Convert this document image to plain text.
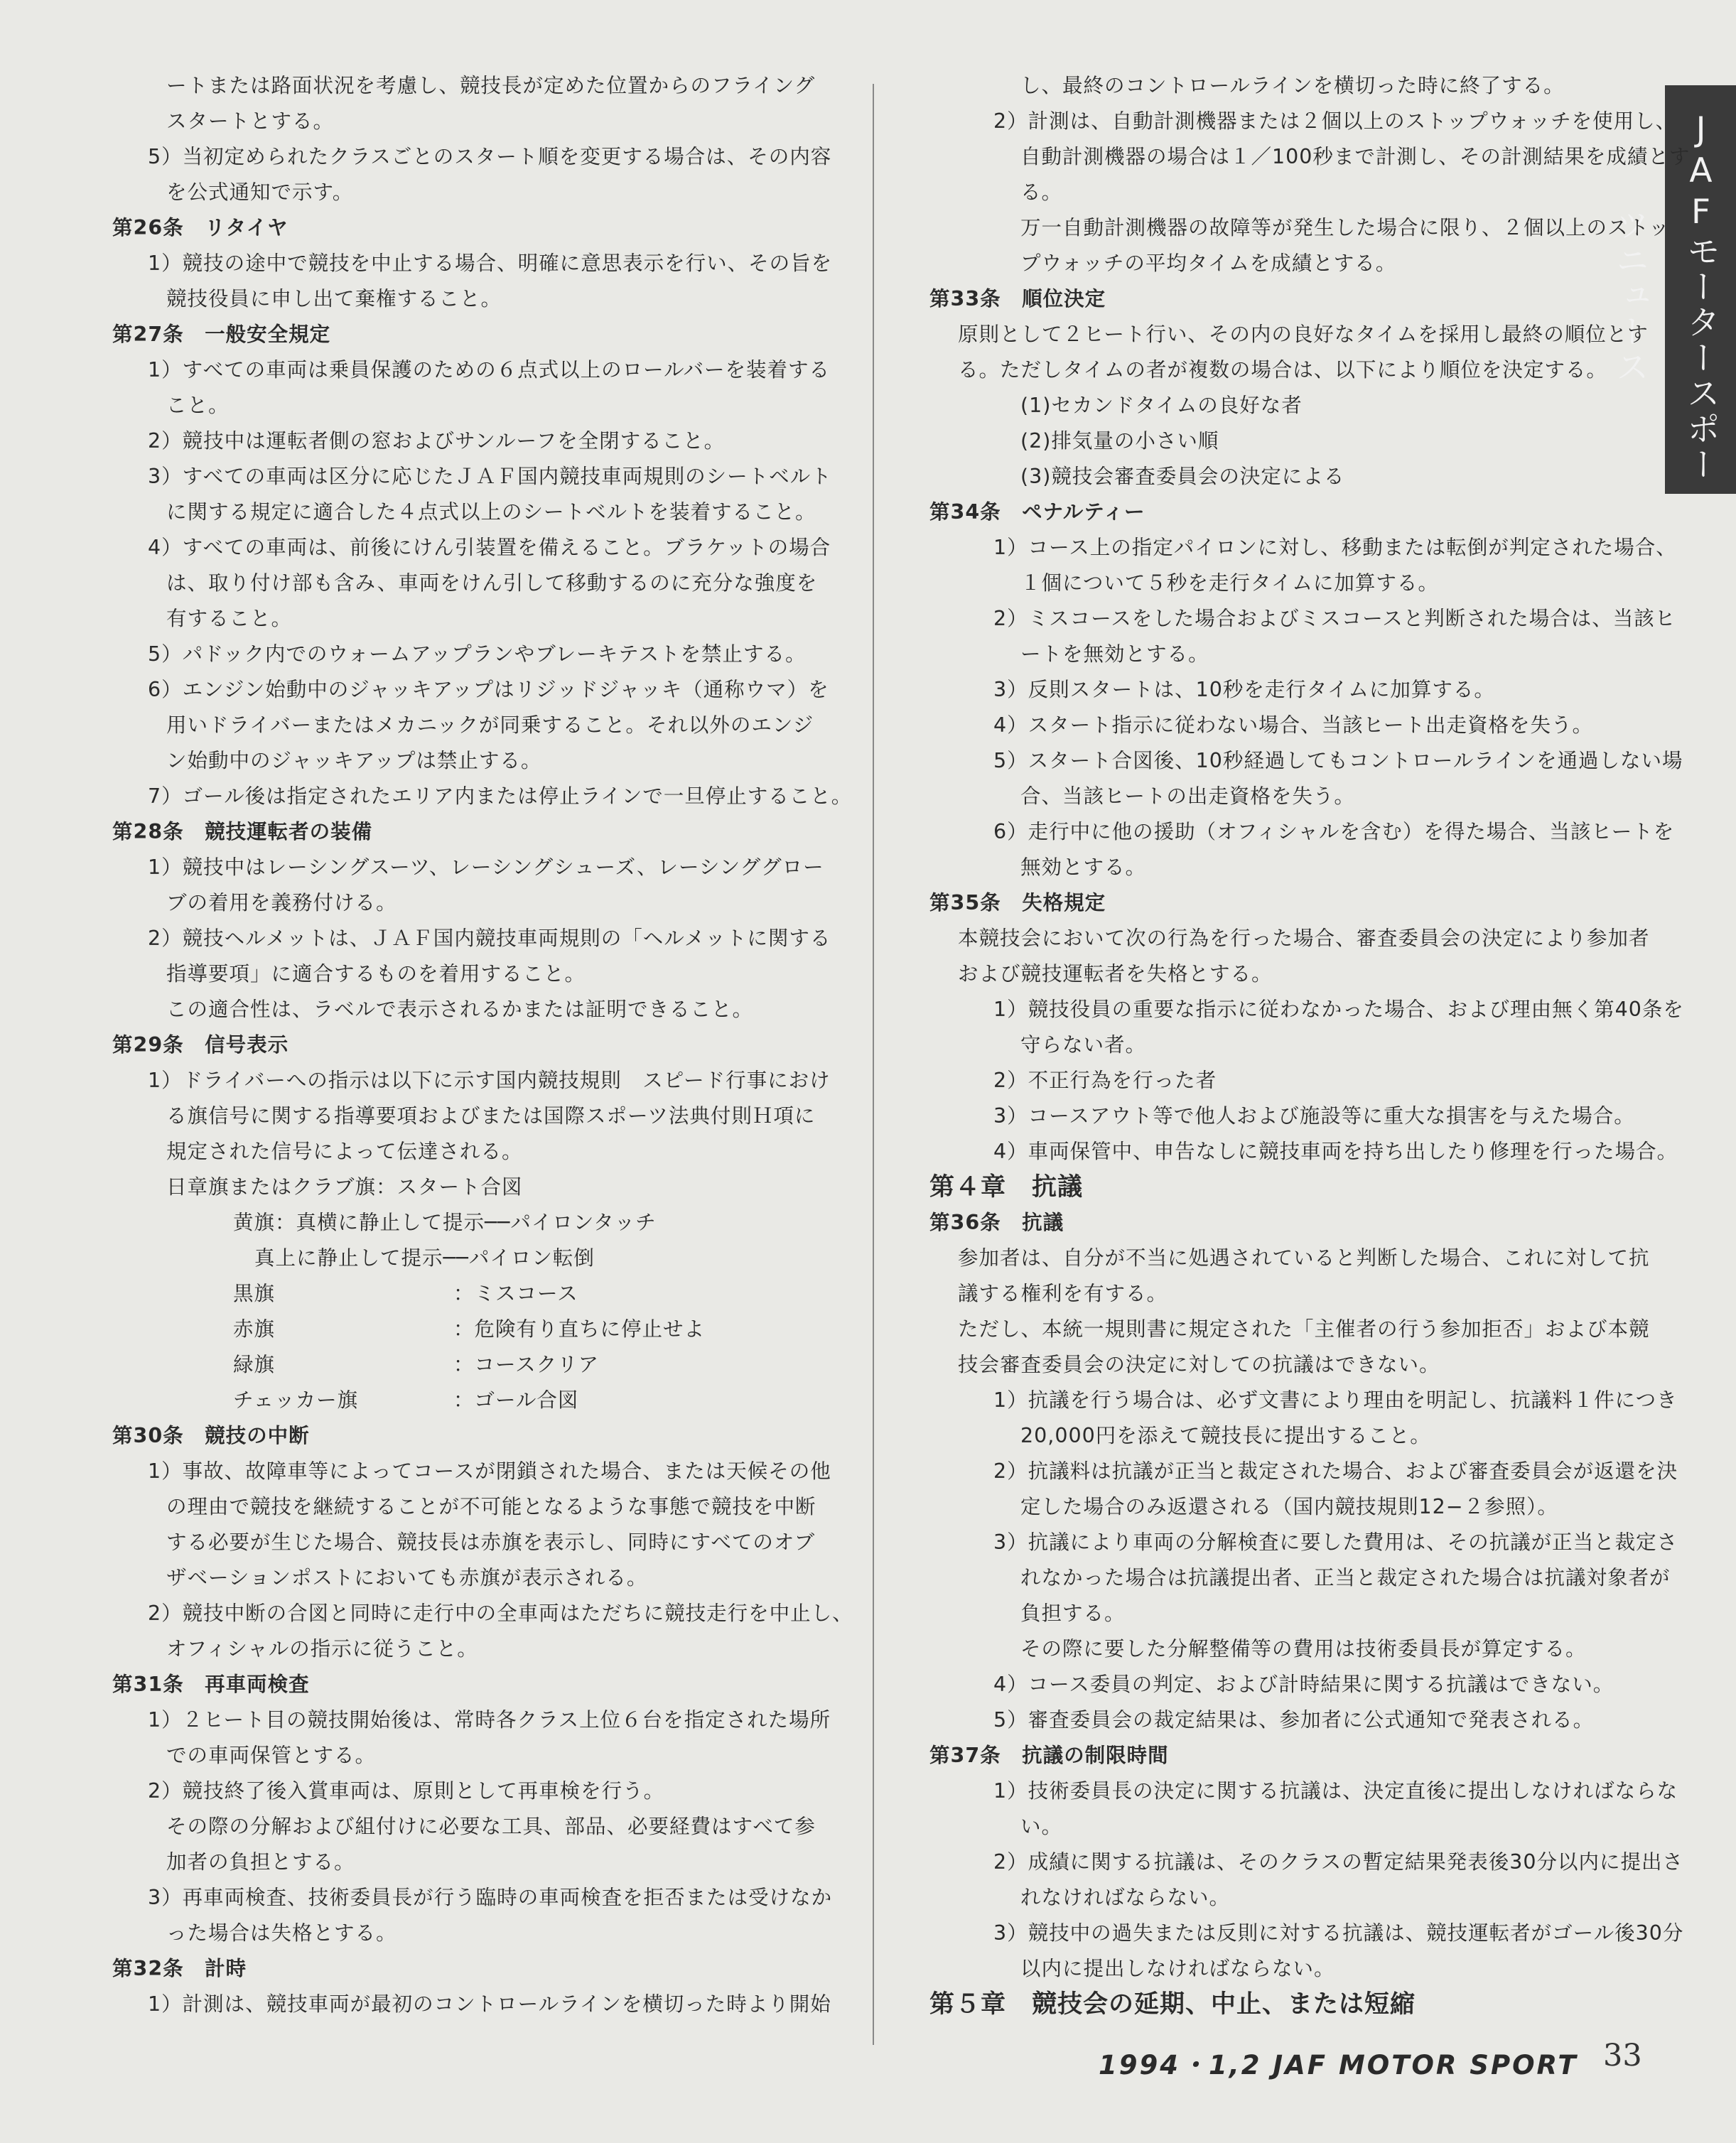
JAFモータースポーツニュース
ートまたは路面状況を考慮し、競技長が定めた位置からのフライング
スタートとする。
5）当初定められたクラスごとのスタート順を変更する場合は、その内容
を公式通知で示す。
第26条　リタイヤ
1）競技の途中で競技を中止する場合、明確に意思表示を行い、その旨を
競技役員に申し出て棄権すること。
第27条　一般安全規定
1）すべての車両は乗員保護のための６点式以上のロールバーを装着する
こと。
2）競技中は運転者側の窓およびサンルーフを全閉すること。
3）すべての車両は区分に応じたＪＡＦ国内競技車両規則のシートベルト
に関する規定に適合した４点式以上のシートベルトを装着すること。
4）すべての車両は、前後にけん引装置を備えること。ブラケットの場合
は、取り付け部も含み、車両をけん引して移動するのに充分な強度を
有すること。
5）パドック内でのウォームアップランやブレーキテストを禁止する。
6）エンジン始動中のジャッキアップはリジッドジャッキ（通称ウマ）を
用いドライバーまたはメカニックが同乗すること。それ以外のエンジ
ン始動中のジャッキアップは禁止する。
7）ゴール後は指定されたエリア内または停止ラインで一旦停止すること。
第28条　競技運転者の装備
1）競技中はレーシングスーツ、レーシングシューズ、レーシンググロー
ブの着用を義務付ける。
2）競技ヘルメットは、ＪＡＦ国内競技車両規則の「ヘルメットに関する
指導要項」に適合するものを着用すること。
この適合性は、ラベルで表示されるかまたは証明できること。
第29条　信号表示
1）ドライバーへの指示は以下に示す国内競技規則　スピード行事におけ
る旗信号に関する指導要項およびまたは国際スポーツ法典付則Ｈ項に
規定された信号によって伝達される。
日章旗またはクラブ旗：スタート合図
黄旗：真横に静止して提示──パイロンタッチ
真上に静止して提示──パイロン転倒
黒旗	：ミスコース
赤旗	：危険有り直ちに停止せよ
緑旗	：コースクリア
チェッカー旗	：ゴール合図
第30条　競技の中断
1）事故、故障車等によってコースが閉鎖された場合、または天候その他
の理由で競技を継続することが不可能となるような事態で競技を中断
する必要が生じた場合、競技長は赤旗を表示し、同時にすべてのオブ
ザベーションポストにおいても赤旗が表示される。
2）競技中断の合図と同時に走行中の全車両はただちに競技走行を中止し、
オフィシャルの指示に従うこと。
第31条　再車両検査
1）２ヒート目の競技開始後は、常時各クラス上位６台を指定された場所
での車両保管とする。
2）競技終了後入賞車両は、原則として再車検を行う。
その際の分解および組付けに必要な工具、部品、必要経費はすべて参
加者の負担とする。
3）再車両検査、技術委員長が行う臨時の車両検査を拒否または受けなか
った場合は失格とする。
第32条　計時
1）計測は、競技車両が最初のコントロールラインを横切った時より開始
し、最終のコントロールラインを横切った時に終了する。
2）計測は、自動計測機器または２個以上のストップウォッチを使用し、
自動計測機器の場合は１／100秒まで計測し、その計測結果を成績とす
る。
万一自動計測機器の故障等が発生した場合に限り、２個以上のストッ
プウォッチの平均タイムを成績とする。
第33条　順位決定
原則として２ヒート行い、その内の良好なタイムを採用し最終の順位とす
る。ただしタイムの者が複数の場合は、以下により順位を決定する。
(1)セカンドタイムの良好な者
(2)排気量の小さい順
(3)競技会審査委員会の決定による
第34条　ペナルティー
1）コース上の指定パイロンに対し、移動または転倒が判定された場合、
１個について５秒を走行タイムに加算する。
2）ミスコースをした場合およびミスコースと判断された場合は、当該ヒ
ートを無効とする。
3）反則スタートは、10秒を走行タイムに加算する。
4）スタート指示に従わない場合、当該ヒート出走資格を失う。
5）スタート合図後、10秒経過してもコントロールラインを通過しない場
合、当該ヒートの出走資格を失う。
6）走行中に他の援助（オフィシャルを含む）を得た場合、当該ヒートを
無効とする。
第35条　失格規定
本競技会において次の行為を行った場合、審査委員会の決定により参加者
および競技運転者を失格とする。
1）競技役員の重要な指示に従わなかった場合、および理由無く第40条を
守らない者。
2）不正行為を行った者
3）コースアウト等で他人および施設等に重大な損害を与えた場合。
4）車両保管中、申告なしに競技車両を持ち出したり修理を行った場合。
第４章　抗議
第36条　抗議
参加者は、自分が不当に処遇されていると判断した場合、これに対して抗
議する権利を有する。
ただし、本統一規則書に規定された「主催者の行う参加拒否」および本競
技会審査委員会の決定に対しての抗議はできない。
1）抗議を行う場合は、必ず文書により理由を明記し、抗議料１件につき
20,000円を添えて競技長に提出すること。
2）抗議料は抗議が正当と裁定された場合、および審査委員会が返還を決
定した場合のみ返還される（国内競技規則12−２参照）。
3）抗議により車両の分解検査に要した費用は、その抗議が正当と裁定さ
れなかった場合は抗議提出者、正当と裁定された場合は抗議対象者が
負担する。
その際に要した分解整備等の費用は技術委員長が算定する。
4）コース委員の判定、および計時結果に関する抗議はできない。
5）審査委員会の裁定結果は、参加者に公式通知で発表される。
第37条　抗議の制限時間
1）技術委員長の決定に関する抗議は、決定直後に提出しなければならな
い。
2）成績に関する抗議は、そのクラスの暫定結果発表後30分以内に提出さ
れなければならない。
3）競技中の過失または反則に対する抗議は、競技運転者がゴール後30分
以内に提出しなければならない。
第５章　競技会の延期、中止、または短縮
1994・1,2 JAF MOTOR SPORT 33
